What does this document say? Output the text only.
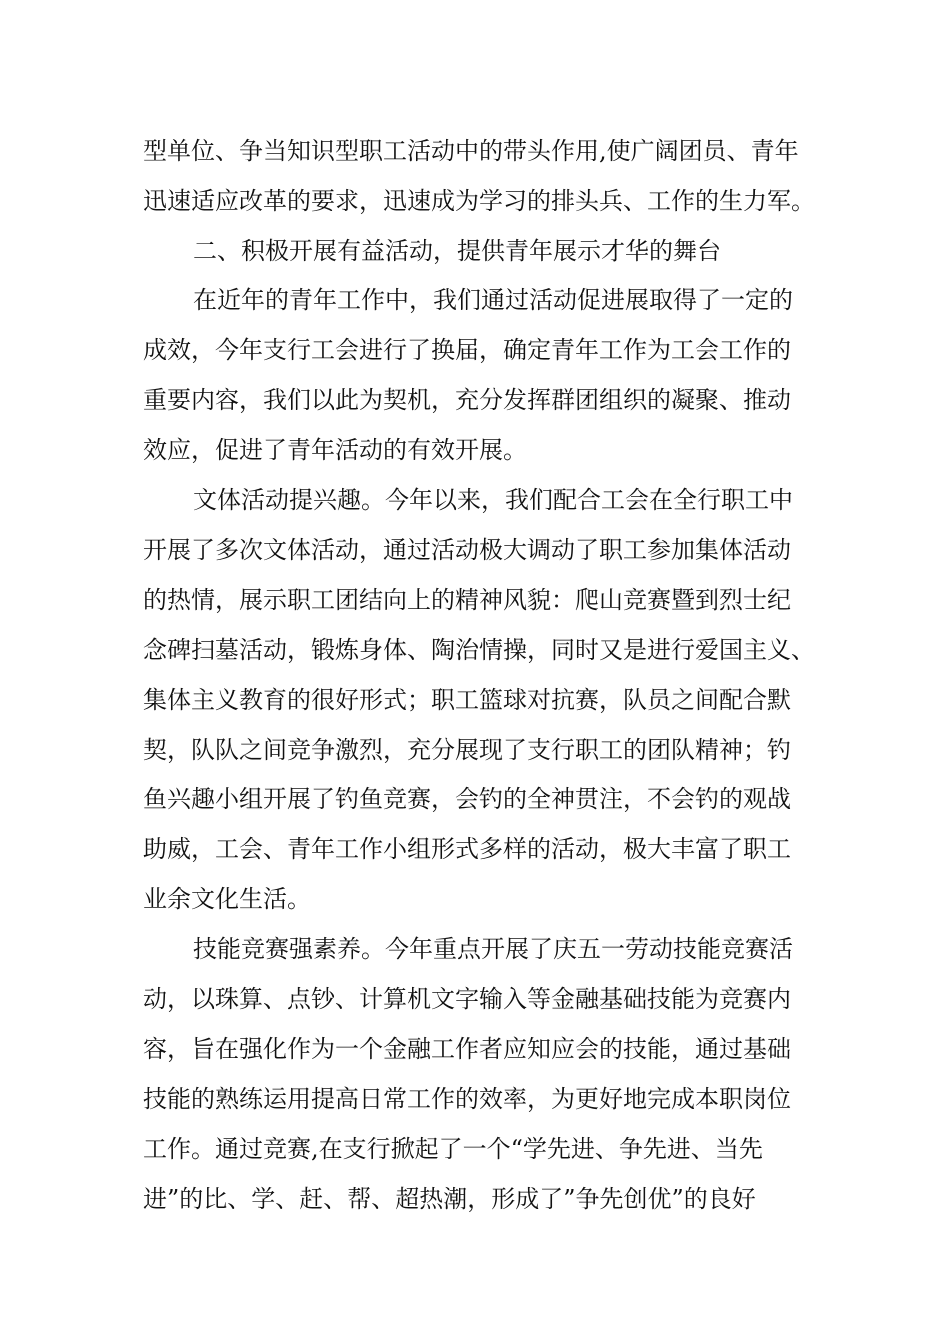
型单位、争当知识型职工活动中的带头作用,使广阔团员、青年
迅速适应改革的要求，迅速成为学习的排头兵、工作的生力军。
二、积极开展有益活动，提供青年展示才华的舞台
在近年的青年工作中，我们通过活动促进展取得了一定的
成效，今年支行工会进行了换届，确定青年工作为工会工作的
重要内容，我们以此为契机，充分发挥群团组织的凝聚、推动
效应，促进了青年活动的有效开展。
文体活动提兴趣。今年以来，我们配合工会在全行职工中
开展了多次文体活动，通过活动极大调动了职工参加集体活动
的热情，展示职工团结向上的精神风貌：爬山竞赛暨到烈士纪
念碑扫墓活动，锻炼身体、陶治情操，同时又是进行爱国主义、
集体主义教育的很好形式；职工篮球对抗赛，队员之间配合默
契，队队之间竞争激烈，充分展现了支行职工的团队精神；钓
鱼兴趣小组开展了钓鱼竞赛，会钓的全神贯注，不会钓的观战
助威，工会、青年工作小组形式多样的活动，极大丰富了职工
业余文化生活。
技能竞赛强素养。今年重点开展了庆五一劳动技能竞赛活
动，以珠算、点钞、计算机文字输入等金融基础技能为竞赛内
容，旨在强化作为一个金融工作者应知应会的技能，通过基础
技能的熟练运用提高日常工作的效率，为更好地完成本职岗位
工作。通过竞赛,在支行掀起了一个“学先进、争先进、当先
进”的比、学、赶、帮、超热潮，形成了”争先创优”的良好
